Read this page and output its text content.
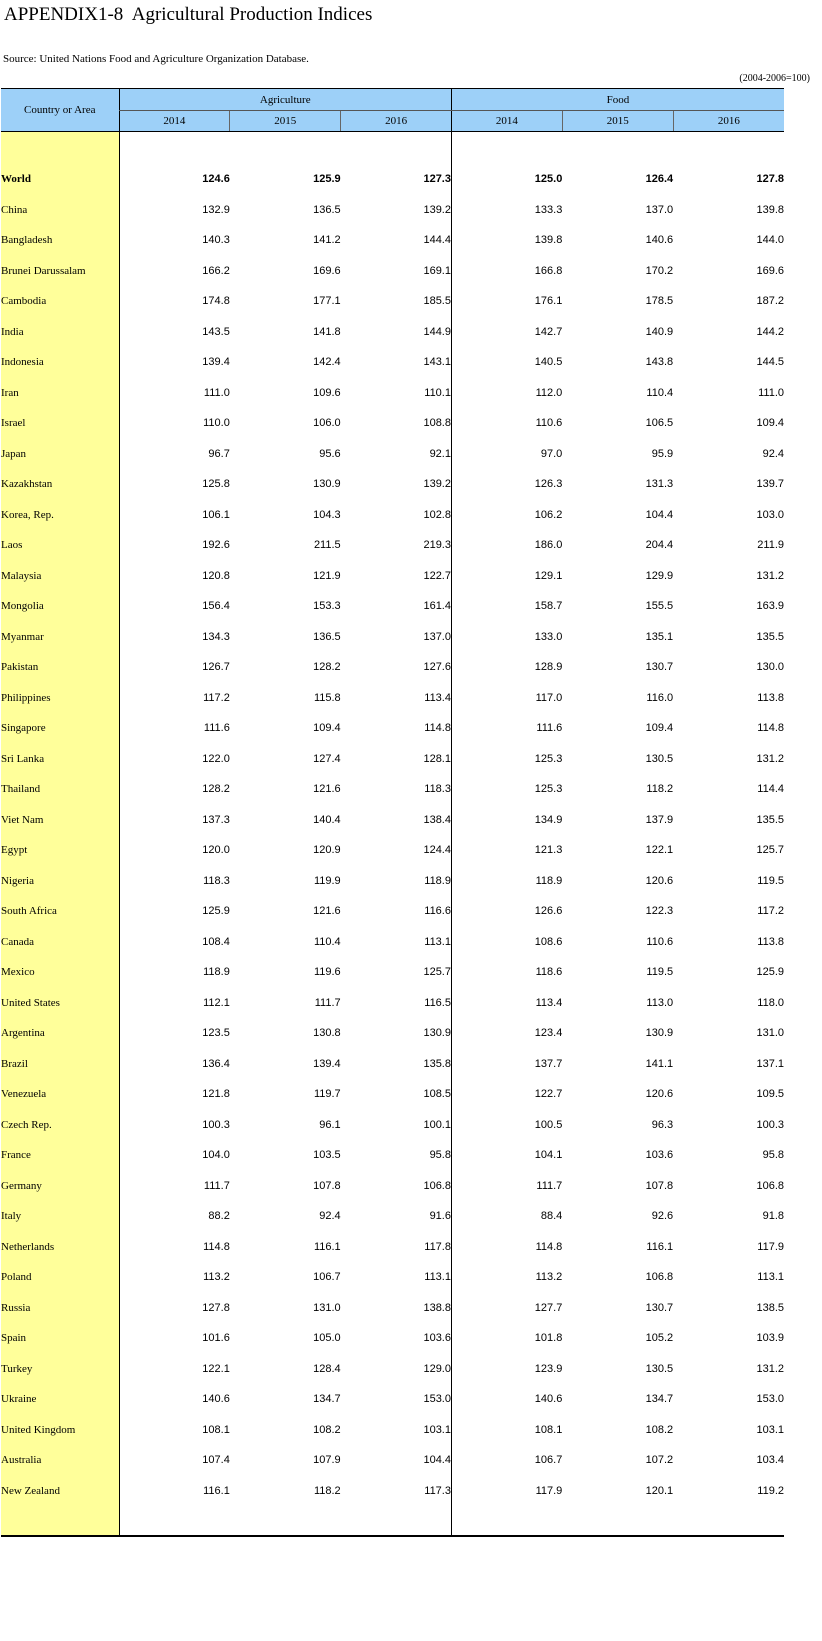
APPENDIX1-8  Agricultural Production Indices
Source: United Nations Food and Agriculture Organization Database.
(2004-2006=100)
Country or Area	Agriculture			Food		
	2014	2015	2016	2014	2015	2016

World	124.6	125.9	127.3	125.0	126.4	127.8
China	132.9	136.5	139.2	133.3	137.0	139.8
Bangladesh	140.3	141.2	144.4	139.8	140.6	144.0
Brunei Darussalam	166.2	169.6	169.1	166.8	170.2	169.6
Cambodia	174.8	177.1	185.5	176.1	178.5	187.2
India	143.5	141.8	144.9	142.7	140.9	144.2
Indonesia	139.4	142.4	143.1	140.5	143.8	144.5
Iran	111.0	109.6	110.1	112.0	110.4	111.0
Israel	110.0	106.0	108.8	110.6	106.5	109.4
Japan	96.7	95.6	92.1	97.0	95.9	92.4
Kazakhstan	125.8	130.9	139.2	126.3	131.3	139.7
Korea, Rep.	106.1	104.3	102.8	106.2	104.4	103.0
Laos	192.6	211.5	219.3	186.0	204.4	211.9
Malaysia	120.8	121.9	122.7	129.1	129.9	131.2
Mongolia	156.4	153.3	161.4	158.7	155.5	163.9
Myanmar	134.3	136.5	137.0	133.0	135.1	135.5
Pakistan	126.7	128.2	127.6	128.9	130.7	130.0
Philippines	117.2	115.8	113.4	117.0	116.0	113.8
Singapore	111.6	109.4	114.8	111.6	109.4	114.8
Sri Lanka	122.0	127.4	128.1	125.3	130.5	131.2
Thailand	128.2	121.6	118.3	125.3	118.2	114.4
Viet Nam	137.3	140.4	138.4	134.9	137.9	135.5
Egypt	120.0	120.9	124.4	121.3	122.1	125.7
Nigeria	118.3	119.9	118.9	118.9	120.6	119.5
South Africa	125.9	121.6	116.6	126.6	122.3	117.2
Canada	108.4	110.4	113.1	108.6	110.6	113.8
Mexico	118.9	119.6	125.7	118.6	119.5	125.9
United States	112.1	111.7	116.5	113.4	113.0	118.0
Argentina	123.5	130.8	130.9	123.4	130.9	131.0
Brazil	136.4	139.4	135.8	137.7	141.1	137.1
Venezuela	121.8	119.7	108.5	122.7	120.6	109.5
Czech Rep.	100.3	96.1	100.1	100.5	96.3	100.3
France	104.0	103.5	95.8	104.1	103.6	95.8
Germany	111.7	107.8	106.8	111.7	107.8	106.8
Italy	88.2	92.4	91.6	88.4	92.6	91.8
Netherlands	114.8	116.1	117.8	114.8	116.1	117.9
Poland	113.2	106.7	113.1	113.2	106.8	113.1
Russia	127.8	131.0	138.8	127.7	130.7	138.5
Spain	101.6	105.0	103.6	101.8	105.2	103.9
Turkey	122.1	128.4	129.0	123.9	130.5	131.2
Ukraine	140.6	134.7	153.0	140.6	134.7	153.0
United Kingdom	108.1	108.2	103.1	108.1	108.2	103.1
Australia	107.4	107.9	104.4	106.7	107.2	103.4
New Zealand	116.1	118.2	117.3	117.9	120.1	119.2
